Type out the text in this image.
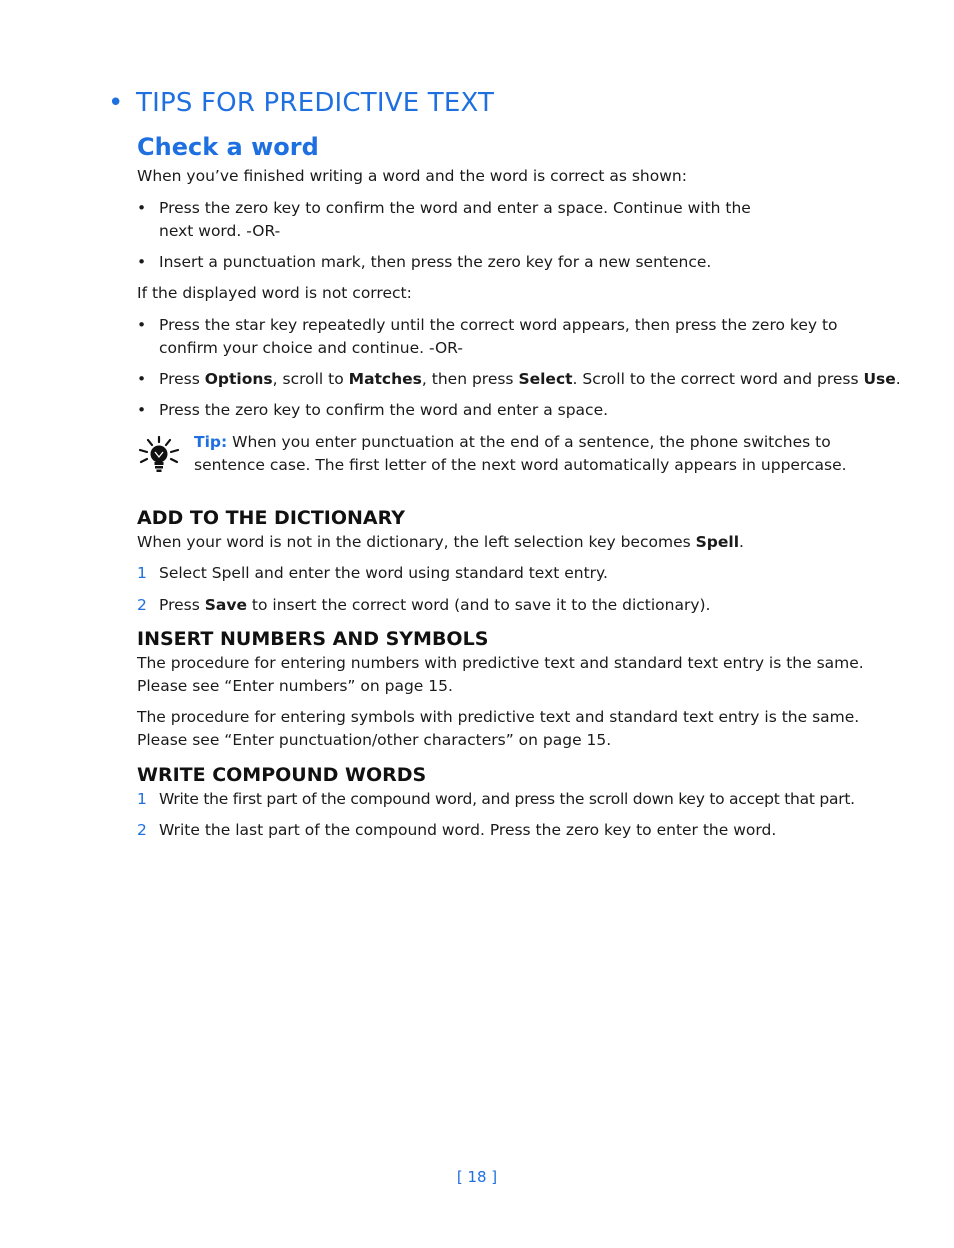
• TIPS FOR PREDICTIVE TEXT
Check a word

When you’ve finished writing a word and the word is correct as shown:

• Press the zero key to confirm the word and enter a space. Continue with the
next word. -OR-
• Insert a punctuation mark, then press the zero key for a new sentence.

If the displayed word is not correct:

• Press the star key repeatedly until the correct word appears, then press the zero key to
confirm your choice and continue. -OR-
• Press Options, scroll to Matches, then press Select. Scroll to the correct word and press Use.
• Press the zero key to confirm the word and enter a space.
Tip: When you enter punctuation at the end of a sentence, the phone switches to
sentence case. The first letter of the next word automatically appears in uppercase.
ADD TO THE DICTIONARY

When your word is not in the dictionary, the left selection key becomes Spell.

1 Select Spell and enter the word using standard text entry.
2 Press Save to insert the correct word (and to save it to the dictionary).
INSERT NUMBERS AND SYMBOLS

The procedure for entering numbers with predictive text and standard text entry is the same.
Please see “Enter numbers” on page 15.

The procedure for entering symbols with predictive text and standard text entry is the same.
Please see “Enter punctuation/other characters” on page 15.

WRITE COMPOUND WORDS
1 Write the first part of the compound word, and press the scroll down key to accept that part.
2 Write the last part of the compound word. Press the zero key to enter the word.
[ 18 ]
